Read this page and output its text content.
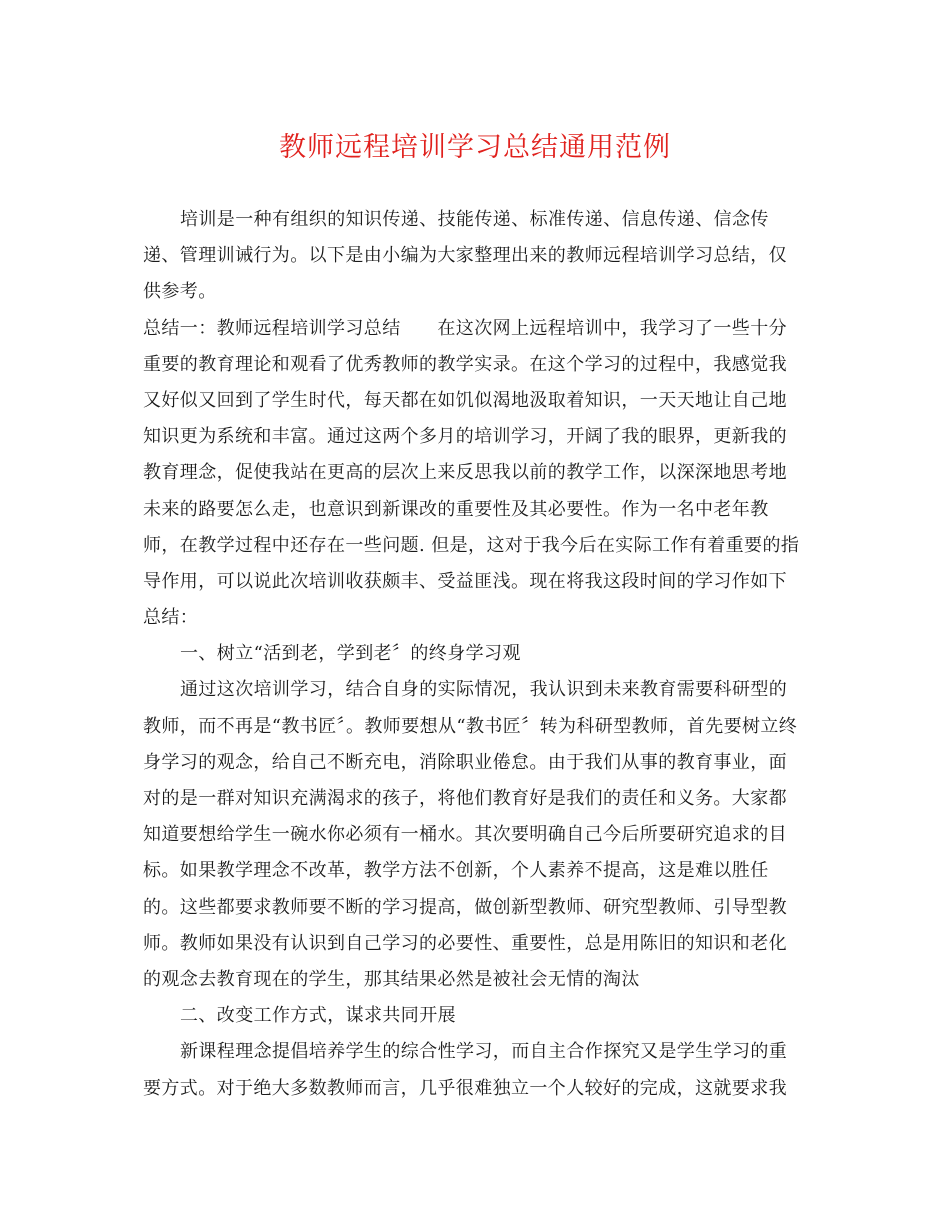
教师远程培训学习总结通用范例
培训是一种有组织的知识传递、技能传递、标准传递、信息传递、信念传
递、管理训诫行为。以下是由小编为大家整理出来的教师远程培训学习总结，仅
供参考。
总结一：教师远程培训学习总结　　在这次网上远程培训中，我学习了一些十分
重要的教育理论和观看了优秀教师的教学实录。在这个学习的过程中，我感觉我
又好似又回到了学生时代，每天都在如饥似渴地汲取着知识，一天天地让自己地
知识更为系统和丰富。通过这两个多月的培训学习，开阔了我的眼界，更新我的
教育理念，促使我站在更高的层次上来反思我以前的教学工作，以深深地思考地
未来的路要怎么走，也意识到新课改的重要性及其必要性。作为一名中老年教
师，在教学过程中还存在一些问题. 但是，这对于我今后在实际工作有着重要的指
导作用，可以说此次培训收获颇丰、受益匪浅。现在将我这段时间的学习作如下
总结：
一、树立“活到老，学到老〞的终身学习观
通过这次培训学习，结合自身的实际情况，我认识到未来教育需要科研型的
教师，而不再是“教书匠〞。教师要想从“教书匠〞转为科研型教师，首先要树立终
身学习的观念，给自己不断充电，消除职业倦怠。由于我们从事的教育事业，面
对的是一群对知识充满渴求的孩子，将他们教育好是我们的责任和义务。大家都
知道要想给学生一碗水你必须有一桶水。其次要明确自己今后所要研究追求的目
标。如果教学理念不改革，教学方法不创新，个人素养不提高，这是难以胜任
的。这些都要求教师要不断的学习提高，做创新型教师、研究型教师、引导型教
师。教师如果没有认识到自己学习的必要性、重要性，总是用陈旧的知识和老化
的观念去教育现在的学生，那其结果必然是被社会无情的淘汰
二、改变工作方式，谋求共同开展
新课程理念提倡培养学生的综合性学习，而自主合作探究又是学生学习的重
要方式。对于绝大多数教师而言，几乎很难独立一个人较好的完成，这就要求我
